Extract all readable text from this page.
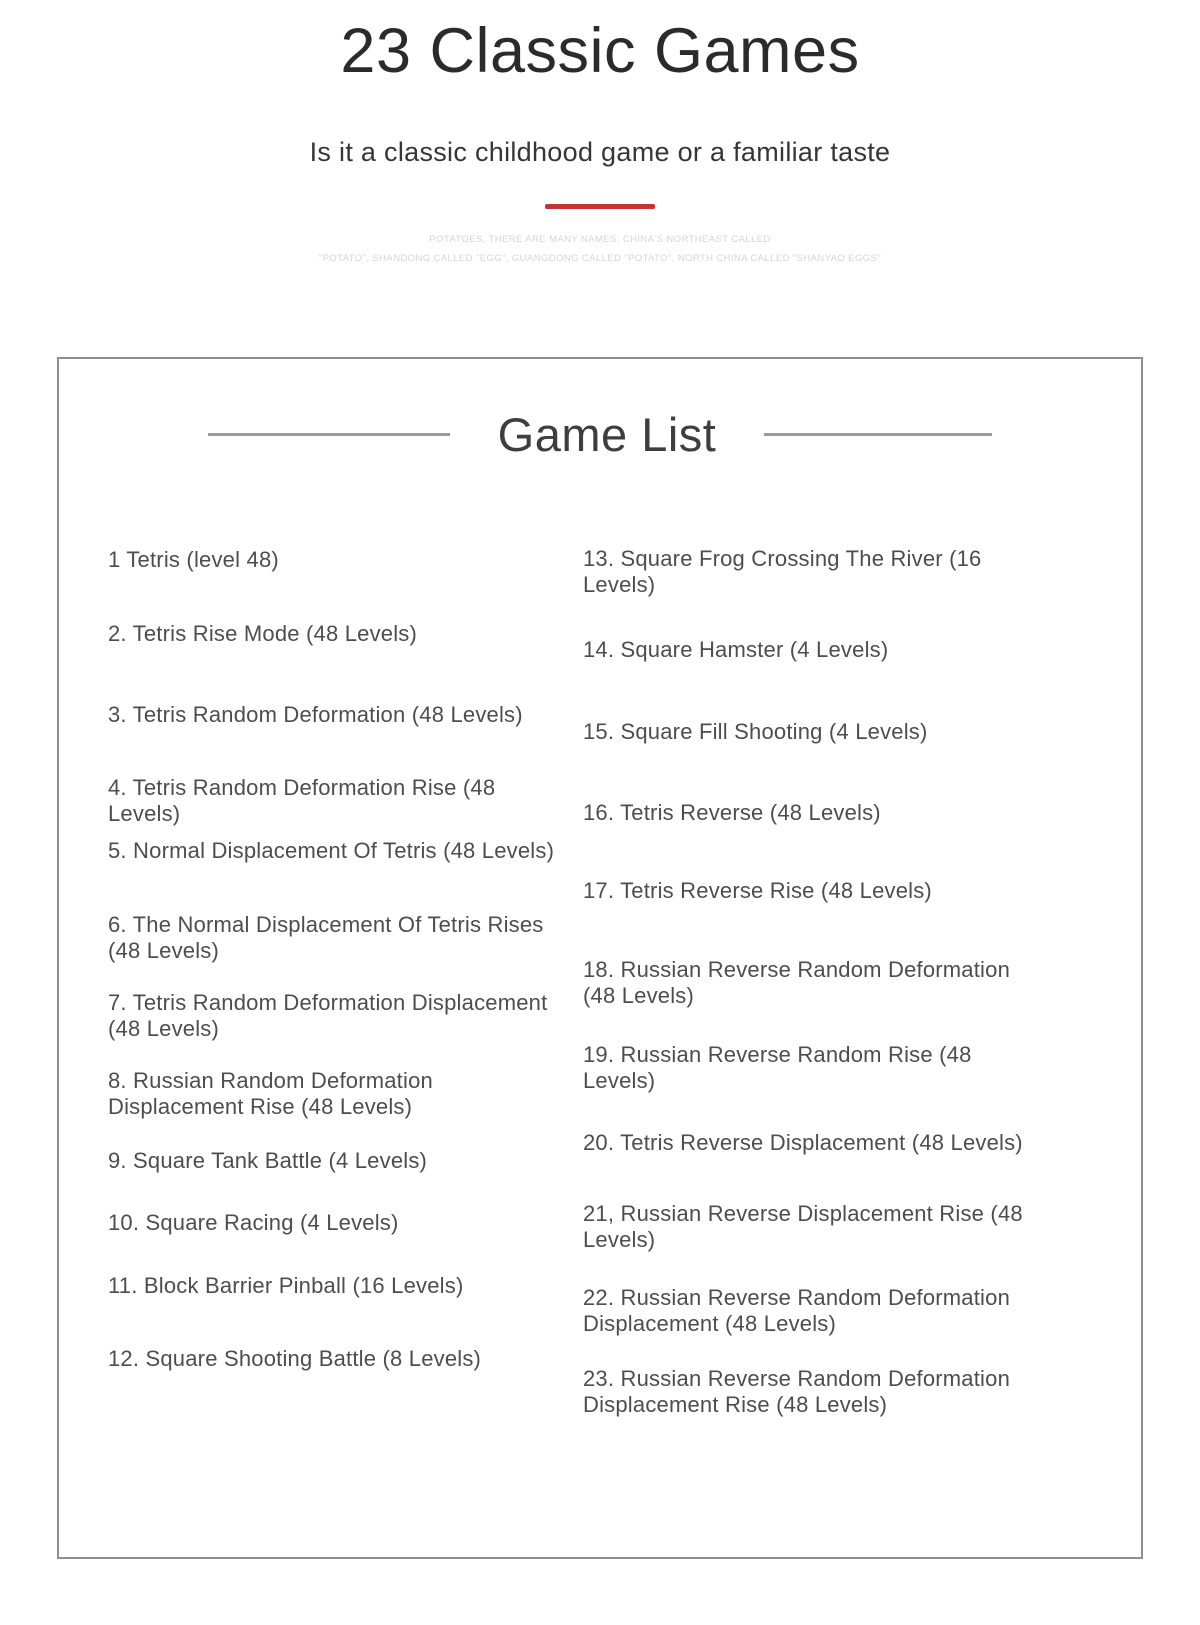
23 Classic Games

Is it a classic childhood game or a familiar taste

POTATOES, THERE ARE MANY NAMES, CHINA'S NORTHEAST CALLED

"POTATO", SHANDONG CALLED "EGG", GUANGDONG CALLED "POTATO", NORTH CHINA CALLED "SHANYAO EGGS"

Game List
1 Tetris (level 48)
2. Tetris Rise Mode (48 Levels)
3. Tetris Random Deformation (48 Levels)
4. Tetris Random Deformation Rise (48 Levels)
5. Normal Displacement Of Tetris (48 Levels)
6. The Normal Displacement Of Tetris Rises (48 Levels)
7. Tetris Random Deformation Displacement (48 Levels)
8. Russian Random Deformation Displacement Rise (48 Levels)
9. Square Tank Battle (4 Levels)
10. Square Racing (4 Levels)
11. Block Barrier Pinball (16 Levels)
12. Square Shooting Battle (8 Levels)
13. Square Frog Crossing The River (16 Levels)
14. Square Hamster (4 Levels)
15. Square Fill Shooting (4 Levels)
16. Tetris Reverse (48 Levels)
17. Tetris Reverse Rise (48 Levels)
18. Russian Reverse Random Deformation (48 Levels)
19. Russian Reverse Random Rise (48 Levels)
20. Tetris Reverse Displacement (48 Levels)
21, Russian Reverse Displacement Rise (48 Levels)
22. Russian Reverse Random Deformation Displacement (48 Levels)
23. Russian Reverse Random Deformation Displacement Rise (48 Levels)
